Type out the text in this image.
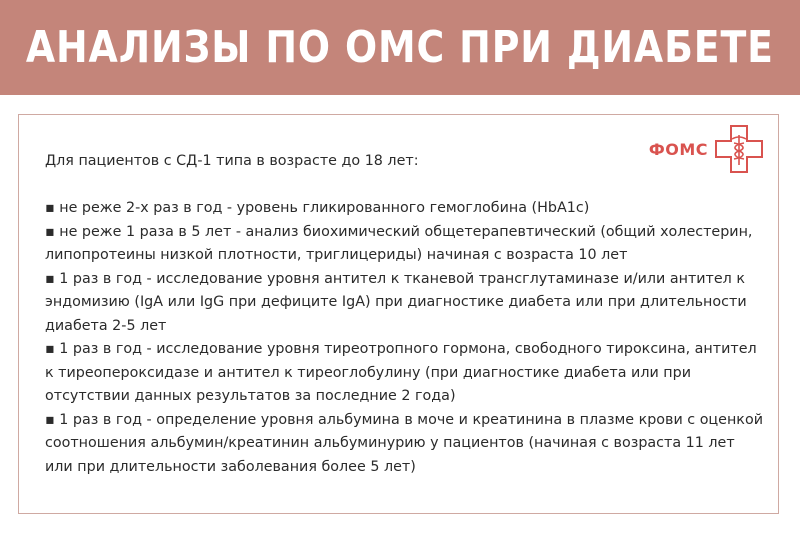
АНАЛИЗЫ ПО ОМС ПРИ ДИАБЕТЕ
ФОМС

Для пациентов с СД-1 типа в возрасте до 18 лет:

▪ не реже 2-х раз в год - уровень гликированного гемоглобина (HbA1c)
▪ не реже 1 раза в 5 лет - анализ биохимический общетерапевтический (общий холестерин, липопротеины низкой плотности, триглицериды) начиная с возраста 10 лет
▪ 1 раз в год - исследование уровня антител к тканевой трансглутаминазе и/или антител к эндомизию (IgA или IgG при дефиците IgA) при диагностике диабета или при длительности диабета 2-5 лет
▪ 1 раз в год - исследование уровня тиреотропного гормона, свободного тироксина, антител к тиреопероксидазе и антител к тиреоглобулину (при диагностике диабета или при отсутствии данных результатов за последние 2 года)
▪ 1 раз в год - определение уровня альбумина в моче и креатинина в плазме крови с оценкой соотношения альбумин/креатинин альбуминурию у пациентов (начиная с возраста 11 лет или при длительности заболевания более 5 лет)
